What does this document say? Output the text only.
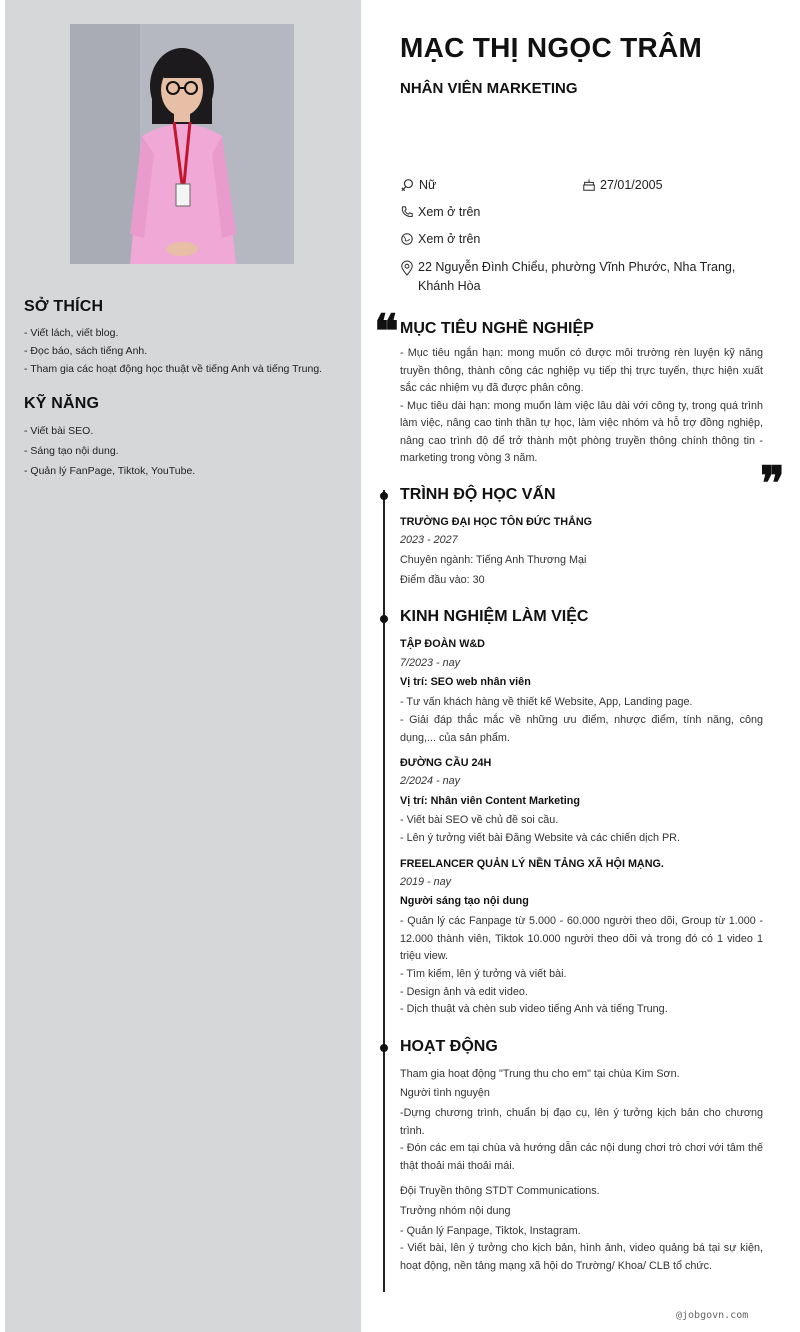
SỞ THÍCH
- Viết lách, viết blog.
- Đọc báo, sách tiếng Anh.
- Tham gia các hoạt động học thuật về tiếng Anh và tiếng Trung.
KỸ NĂNG
- Viết bài SEO.
- Sáng tạo nội dung.
- Quản lý FanPage, Tiktok, YouTube.
MẠC THỊ NGỌC TRÂM
NHÂN VIÊN MARKETING
Nữ	27/01/2005
Xem ở trên
Xem ở trên
22 Nguyễn Đình Chiểu, phường Vĩnh Phước, Nha Trang,
Khánh Hòa
❝ MỤC TIÊU NGHỀ NGHIỆP
- Mục tiêu ngắn hạn: mong muốn có được môi trường rèn luyện kỹ năng truyền thông, thành công các nghiệp vụ tiếp thị trực tuyến, thực hiện xuất sắc các nhiệm vụ đã được phân công.
- Mục tiêu dài hạn: mong muốn làm việc lâu dài với công ty, trong quá trình làm việc, nâng cao tinh thần tự học, làm việc nhóm và hỗ trợ đồng nghiệp, nâng cao trình độ để trở thành một phòng truyền thông chính thông tin - marketing trong vòng 3 năm.	❞
TRÌNH ĐỘ HỌC VẤN
TRƯỜNG ĐẠI HỌC TÔN ĐỨC THẮNG
2023 - 2027
Chuyên ngành: Tiếng Anh Thương Mại
Điểm đầu vào: 30
KINH NGHIỆM LÀM VIỆC
TẬP ĐOÀN W&D
7/2023 - nay
Vị trí: SEO web nhân viên
- Tư vấn khách hàng về thiết kế Website, App, Landing page.
- Giải đáp thắc mắc về những ưu điểm, nhược điểm, tính năng, công dụng,... của sản phẩm.
ĐƯỜNG CẦU 24H
2/2024 - nay
Vị trí: Nhân viên Content Marketing
- Viết bài SEO về chủ đề soi cầu.
- Lên ý tưởng viết bài Đăng Website và các chiến dịch PR.
FREELANCER QUẢN LÝ NỀN TẢNG XÃ HỘI MẠNG.
2019 - nay
Người sáng tạo nội dung
- Quản lý các Fanpage từ 5.000 - 60.000 người theo dõi, Group từ 1.000 - 12.000 thành viên, Tiktok 10.000 người theo dõi và trong đó có 1 video 1 triệu view.
- Tìm kiếm, lên ý tưởng và viết bài.
- Design ảnh và edit video.
- Dịch thuật và chèn sub video tiếng Anh và tiếng Trung.
HOẠT ĐỘNG
Tham gia hoạt động "Trung thu cho em" tại chùa Kim Sơn.
Người tình nguyện
-Dựng chương trình, chuẩn bị đạo cụ, lên ý tưởng kịch bản cho chương trình.
- Đón các em tại chùa và hướng dẫn các nội dung chơi trò chơi với tâm thế thật thoải mái thoải mái.
Đội Truyền thông STDT Communications.
Trưởng nhóm nội dung
- Quản lý Fanpage, Tiktok, Instagram.
- Viết bài, lên ý tưởng cho kịch bản, hình ảnh, video quảng bá tại sự kiện, hoạt động, nền tảng mạng xã hội do Trường/ Khoa/ CLB tổ chức.
@jobgovn.com
